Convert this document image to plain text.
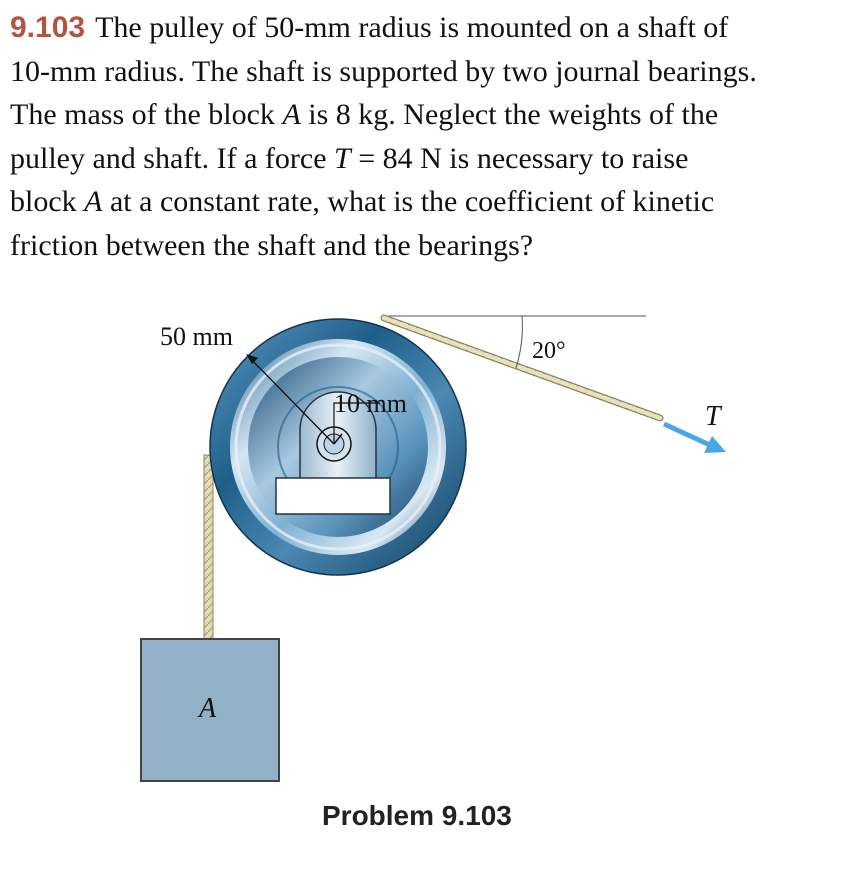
9.103 The pulley of 50-mm radius is mounted on a shaft of
10-mm radius. The shaft is supported by two journal bearings.
The mass of the block A is 8 kg. Neglect the weights of the
pulley and shaft. If a force T = 84 N is necessary to raise
block A at a constant rate, what is the coefficient of kinetic
friction between the shaft and the bearings?
50 mm
10 mm
20°
T
A

Problem 9.103
